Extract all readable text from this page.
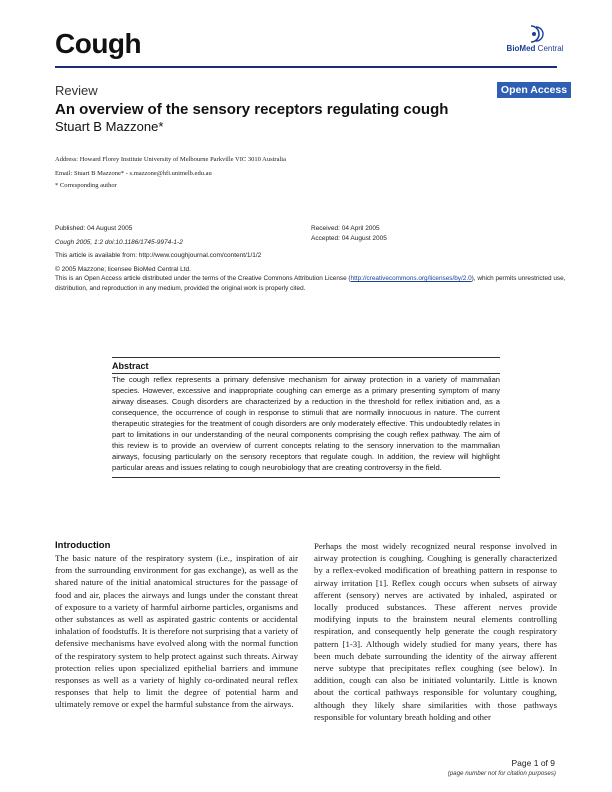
Cough	BioMed Central
Review	Open Access
An overview of the sensory receptors regulating cough
Stuart B Mazzone*
Address: Howard Florey Institute University of Melbourne Parkville VIC 3010 Australia
Email: Stuart B Mazzone* - s.mazzone@hfi.unimelb.edu.au
* Corresponding author
Published: 04 August 2005
Cough 2005, 1:2 doi:10.1186/1745-9974-1-2
Received: 04 April 2005
Accepted: 04 August 2005
This article is available from: http://www.coughjournal.com/content/1/1/2
© 2005 Mazzone; licensee BioMed Central Ltd.
This is an Open Access article distributed under the terms of the Creative Commons Attribution License (http://creativecommons.org/licenses/by/2.0), which permits unrestricted use, distribution, and reproduction in any medium, provided the original work is properly cited.
Abstract

The cough reflex represents a primary defensive mechanism for airway protection in a variety of mammalian species. However, excessive and inappropriate coughing can emerge as a primary presenting symptom of many airway diseases. Cough disorders are characterized by a reduction in the threshold for reflex initiation and, as a consequence, the occurrence of cough in response to stimuli that are normally innocuous in nature. The current therapeutic strategies for the treatment of cough disorders are only moderately effective. This undoubtedly relates in part to limitations in our understanding of the neural components comprising the cough reflex pathway. The aim of this review is to provide an overview of current concepts relating to the sensory innervation to the mammalian airways, focusing particularly on the sensory receptors that regulate cough. In addition, the review will highlight particular areas and issues relating to cough neurobiology that are creating controversy in the field.

Introduction

The basic nature of the respiratory system (i.e., inspiration of air from the surrounding environment for gas exchange), as well as the shared nature of the initial anatomical structures for the passage of food and air, places the airways and lungs under the constant threat of exposure to a variety of harmful airborne particles, organisms and other substances as well as aspirated gastric contents or accidental inhalation of foodstuffs. It is therefore not surprising that a variety of defensive mechanisms have evolved along with the normal function of the respiratory system to help protect against such threats. Airway protection relies upon specialized epithelial barriers and immune responses as well as a variety of highly co-ordinated neural reflex responses that help to limit the degree of potential harm and ultimately remove or expel the harmful substance from the airways.

Perhaps the most widely recognized neural response involved in airway protection is coughing. Coughing is generally characterized by a reflex-evoked modification of breathing pattern in response to airway irritation [1]. Reflex cough occurs when subsets of airway afferent (sensory) nerves are activated by inhaled, aspirated or locally produced substances. These afferent nerves provide modifying inputs to the brainstem neural elements controlling respiration, and consequently help generate the cough respiratory pattern [1-3]. Although widely studied for many years, there has been much debate surrounding the identity of the airway afferent nerve subtype that precipitates reflex coughing (see below). In addition, cough can also be initiated voluntarily. Little is known about the cortical pathways responsible for voluntary coughing, although they likely share similarities with those pathways responsible for voluntary breath holding and other

Page 1 of 9
(page number not for citation purposes)
